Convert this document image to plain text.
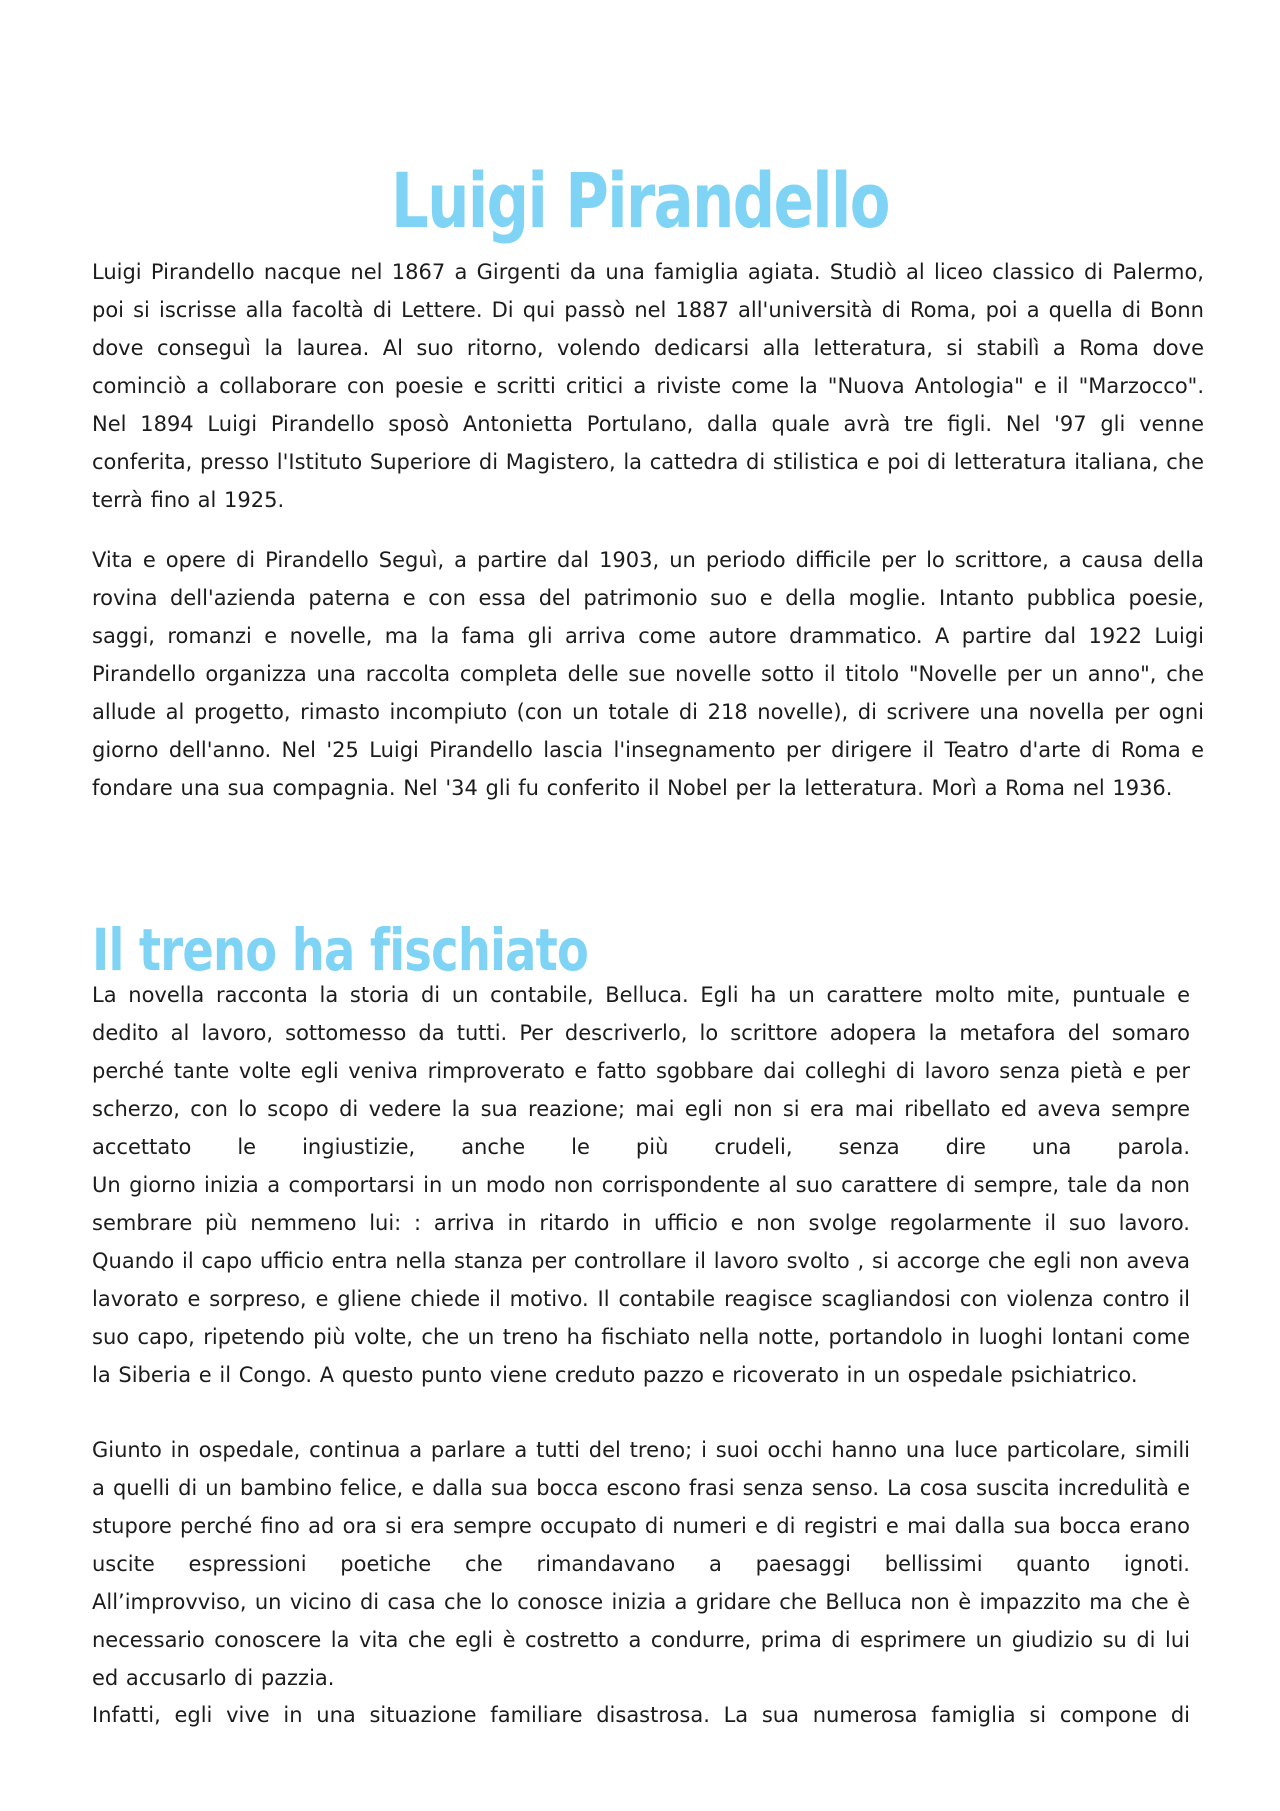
Luigi Pirandello

Luigi Pirandello nacque nel 1867 a Girgenti da una famiglia agiata. Studiò al liceo classico di Palermo, poi si iscrisse alla facoltà di Lettere. Di qui passò nel 1887 all'università di Roma, poi a quella di Bonn dove conseguì la laurea. Al suo ritorno, volendo dedicarsi alla letteratura, si stabilì a Roma dove cominciò a collaborare con poesie e scritti critici a riviste come la "Nuova Antologia" e il "Marzocco". Nel 1894 Luigi Pirandello sposò Antonietta Portulano, dalla quale avrà tre figli. Nel '97 gli venne conferita, presso l'Istituto Superiore di Magistero, la cattedra di stilistica e poi di letteratura italiana, che terrà fino al 1925.

Vita e opere di Pirandello Seguì, a partire dal 1903, un periodo difficile per lo scrittore, a causa della rovina dell'azienda paterna e con essa del patrimonio suo e della moglie. Intanto pubblica poesie, saggi, romanzi e novelle, ma la fama gli arriva come autore drammatico. A partire dal 1922 Luigi Pirandello organizza una raccolta completa delle sue novelle sotto il titolo "Novelle per un anno", che allude al progetto, rimasto incompiuto (con un totale di 218 novelle), di scrivere una novella per ogni giorno dell'anno. Nel '25 Luigi Pirandello lascia l'insegnamento per dirigere il Teatro d'arte di Roma e fondare una sua compagnia. Nel '34 gli fu conferito il Nobel per la letteratura. Morì a Roma nel 1936.

Il treno ha fischiato
La novella racconta la storia di un contabile, Belluca. Egli ha un carattere molto mite, puntuale e dedito al lavoro, sottomesso da tutti. Per descriverlo, lo scrittore adopera la metafora del somaro perché tante volte egli veniva rimproverato e fatto sgobbare dai colleghi di lavoro senza pietà e per scherzo, con lo scopo di vedere la sua reazione; mai egli non si era mai ribellato ed aveva sempre accettato le ingiustizie, anche le più crudeli, senza dire una parola.
Un giorno inizia a comportarsi in un modo non corrispondente al suo carattere di sempre, tale da non sembrare più nemmeno lui: : arriva in ritardo in ufficio e non svolge regolarmente il suo lavoro. Quando il capo ufficio entra nella stanza per controllare il lavoro svolto , si accorge che egli non aveva lavorato e sorpreso, e gliene chiede il motivo. Il contabile reagisce scagliandosi con violenza contro il suo capo, ripetendo più volte, che un treno ha fischiato nella notte, portandolo in luoghi lontani come la Siberia e il Congo. A questo punto viene creduto pazzo e ricoverato in un ospedale psichiatrico.
Giunto in ospedale, continua a parlare a tutti del treno; i suoi occhi hanno una luce particolare, simili a quelli di un bambino felice, e dalla sua bocca escono frasi senza senso. La cosa suscita incredulità e stupore perché fino ad ora si era sempre occupato di numeri e di registri e mai dalla sua bocca erano uscite espressioni poetiche che rimandavano a paesaggi bellissimi quanto ignoti.
All’improvviso, un vicino di casa che lo conosce inizia a gridare che Belluca non è impazzito ma che è necessario conoscere la vita che egli è costretto a condurre, prima di esprimere un giudizio su di lui ed accusarlo di pazzia.

Infatti, egli vive in una situazione familiare disastrosa. La sua numerosa famiglia si compone di
